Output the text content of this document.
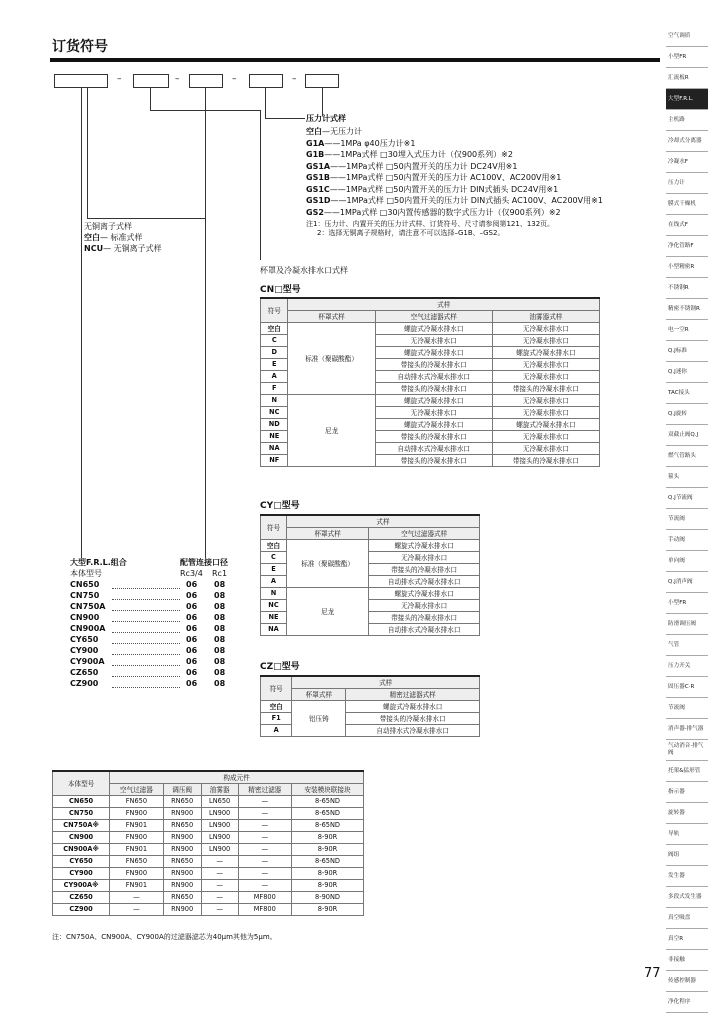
订货符号
–	–	–	–
压力计式样
空白—无压力计
G1A——1MPa φ40压力计※1
G1B——1MPa式样 □30埋入式压力计（仅900系列）※2
GS1A——1MPa式样 □50内置开关的压力计 DC24V用※1
GS1B——1MPa式样 □50内置开关的压力计 AC100V、AC200V用※1
GS1C——1MPa式样 □50内置开关的压力计 DIN式插头 DC24V用※1
GS1D——1MPa式样 □50内置开关的压力计 DIN式插头 AC100V、AC200V用※1
GS2——1MPa式样 □30内置传感器的数字式压力计（仅900系列）※2
注1：压力计、内置开关的压力计式样、订货符号、尺寸请参阅第121、132页。
2：选择无铜离子规格时，请注意不可以选择–G1B、–GS2。
无铜离子式样
空白— 标准式样
NCU— 无铜离子式样
杯罩及冷凝水排水口式样
CN□型号
符号	式样		
	杯罩式样	空气过滤器式样	油雾器式样
空白	标准（聚碳酸酯）	螺旋式冷凝水排水口	无冷凝水排水口
C		无冷凝水排水口	无冷凝水排水口
D		螺旋式冷凝水排水口	螺旋式冷凝水排水口
E		带接头的冷凝水排水口	无冷凝水排水口
A		自动排水式冷凝水排水口	无冷凝水排水口
F		带接头的冷凝水排水口	带接头的冷凝水排水口
N	尼龙	螺旋式冷凝水排水口	无冷凝水排水口
NC		无冷凝水排水口	无冷凝水排水口
ND		螺旋式冷凝水排水口	螺旋式冷凝水排水口
NE		带接头的冷凝水排水口	无冷凝水排水口
NA		自动排水式冷凝水排水口	无冷凝水排水口
NF		带接头的冷凝水排水口	带接头的冷凝水排水口
CY□型号
符号	式样	
	杯罩式样	空气过滤器式样
空白	标准（聚碳酸酯）	螺旋式冷凝水排水口
C		无冷凝水排水口
E		带接头的冷凝水排水口
A		自动排水式冷凝水排水口
N	尼龙	螺旋式冷凝水排水口
NC		无冷凝水排水口
NE		带接头的冷凝水排水口
NA		自动排水式冷凝水排水口
CZ□型号
符号	式样	
	杯罩式样	精密过滤器式样
空白	铝压铸	螺旋式冷凝水排水口
F1		带接头的冷凝水排水口
A		自动排水式冷凝水排水口
大型F.R.L.组合
本体型号
配管连接口径
Rc3/4 Rc1
CN650	06 08
CN750	06 08
CN750A	06 08
CN900	06 08
CN900A	06 08
CY650	06 08
CY900	06 08
CY900A	06 08
CZ650	06 08
CZ900	06 08
本体型号	构成元件				
	空气过滤器	调压阀	油雾器	精密过滤器	安装模块联接块
CN650	FN650	RN650	LN650	—	8-65ND
CN750	FN900	RN900	LN900	—	8-65ND
CN750A※	FN901	RN650	LN900	—	8-65ND
CN900	FN900	RN900	LN900	—	8-90R
CN900A※	FN901	RN900	LN900	—	8-90R
CY650	FN650	RN650	—	—	8-65ND
CY900	FN900	RN900	—	—	8-90R
CY900A※	FN901	RN900	—	—	8-90R
CZ650	—	RN650	—	MF800	8-90ND
CZ900	—	RN900	—	MF800	8-90R
注：CN750A、CN900A、CY900A的过滤器滤芯为40μm其他为5μm。
空气调质
小型FR
汇流板R
大型F.R.L.
主机路
冷却式分离器
冷凝水F
压力计
膜式干燥机
在线式F
净化管路F
小型精密R
不锈钢R
精密不锈钢R
电一空R
Q.J标准
Q.J迷你
TAC接头
Q.J旋转
双截止阀Q.J
燃气管路头
箍头
Q.J节流阀
节流阀
手动阀
单向阀
Q.J消声阀
小型FR
防滑调压阀
气管
压力开关
固压器C·R
节流阀
消声器·排气器
气动消音·排气阀
托架&猛形管
指示器
旋转器
导轨
阀组
发生器
多段式发生器
真空吸盘
真空R
非接触
传感控制器
净化程序
77
